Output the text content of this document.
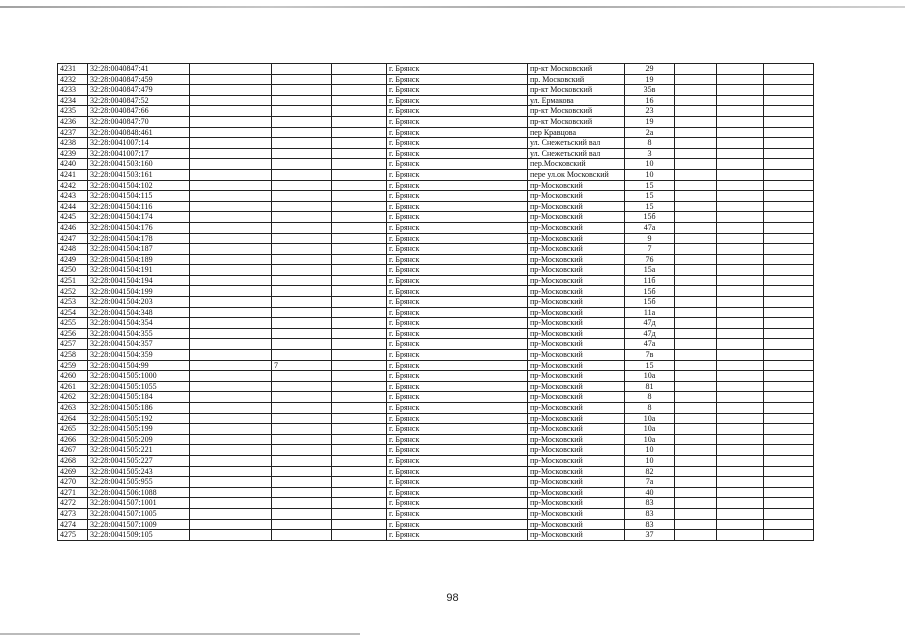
4231	32:28:0040847:41				г. Брянск	пр-кт Московский	29			
4232	32:28:0040847:459				г. Брянск	пр. Московский	19			
4233	32:28:0040847:479				г. Брянск	пр-кт Московский	35в			
4234	32:28:0040847:52				г. Брянск	ул. Ермакова	16			
4235	32:28:0040847:66				г. Брянск	пр-кт Московский	23			
4236	32:28:0040847:70				г. Брянск	пр-кт Московский	19			
4237	32:28:0040848:461				г. Брянск	пер Кравцова	2а			
4238	32:28:0041007:14				г. Брянск	ул. Снежетьский вал	8			
4239	32:28:0041007:17				г. Брянск	ул. Снежетьский вал	3			
4240	32:28:0041503:160				г. Брянск	пер.Московский	10			
4241	32:28:0041503:161				г. Брянск	пере ул.ок Московский	10			
4242	32:28:0041504:102				г. Брянск	пр-Московский	15			
4243	32:28:0041504:115				г. Брянск	пр-Московский	15			
4244	32:28:0041504:116				г. Брянск	пр-Московский	15			
4245	32:28:0041504:174				г. Брянск	пр-Московский	15б			
4246	32:28:0041504:176				г. Брянск	пр-Московский	47а			
4247	32:28:0041504:178				г. Брянск	пр-Московский	9			
4248	32:28:0041504:187				г. Брянск	пр-Московский	7			
4249	32:28:0041504:189				г. Брянск	пр-Московский	76			
4250	32:28:0041504:191				г. Брянск	пр-Московский	15а			
4251	32:28:0041504:194				г. Брянск	пр-Московский	11б			
4252	32:28:0041504:199				г. Брянск	пр-Московский	15б			
4253	32:28:0041504:203				г. Брянск	пр-Московский	15б			
4254	32:28:0041504:348				г. Брянск	пр-Московский	11а			
4255	32:28:0041504:354				г. Брянск	пр-Московский	47д			
4256	32:28:0041504:355				г. Брянск	пр-Московский	47д			
4257	32:28:0041504:357				г. Брянск	пр-Московский	47а			
4258	32:28:0041504:359				г. Брянск	пр-Московский	7в			
4259	32:28:0041504:99		7		г. Брянск	пр-Московский	15			
4260	32:28:0041505:1000				г. Брянск	пр-Московский	10а			
4261	32:28:0041505:1055				г. Брянск	пр-Московский	81			
4262	32:28:0041505:184				г. Брянск	пр-Московский	8			
4263	32:28:0041505:186				г. Брянск	пр-Московский	8			
4264	32:28:0041505:192				г. Брянск	пр-Московский	10а			
4265	32:28:0041505:199				г. Брянск	пр-Московский	10а			
4266	32:28:0041505:209				г. Брянск	пр-Московский	10а			
4267	32:28:0041505:221				г. Брянск	пр-Московский	10			
4268	32:28:0041505:227				г. Брянск	пр-Московский	10			
4269	32:28:0041505:243				г. Брянск	пр-Московский	82			
4270	32:28:0041505:955				г. Брянск	пр-Московский	7а			
4271	32:28:0041506:1088				г. Брянск	пр-Московский	40			
4272	32:28:0041507:1001				г. Брянск	пр-Московский	83			
4273	32:28:0041507:1005				г. Брянск	пр-Московский	83			
4274	32:28:0041507:1009				г. Брянск	пр-Московский	83			
4275	32:28:0041509:105				г. Брянск	пр-Московский	37			
98
